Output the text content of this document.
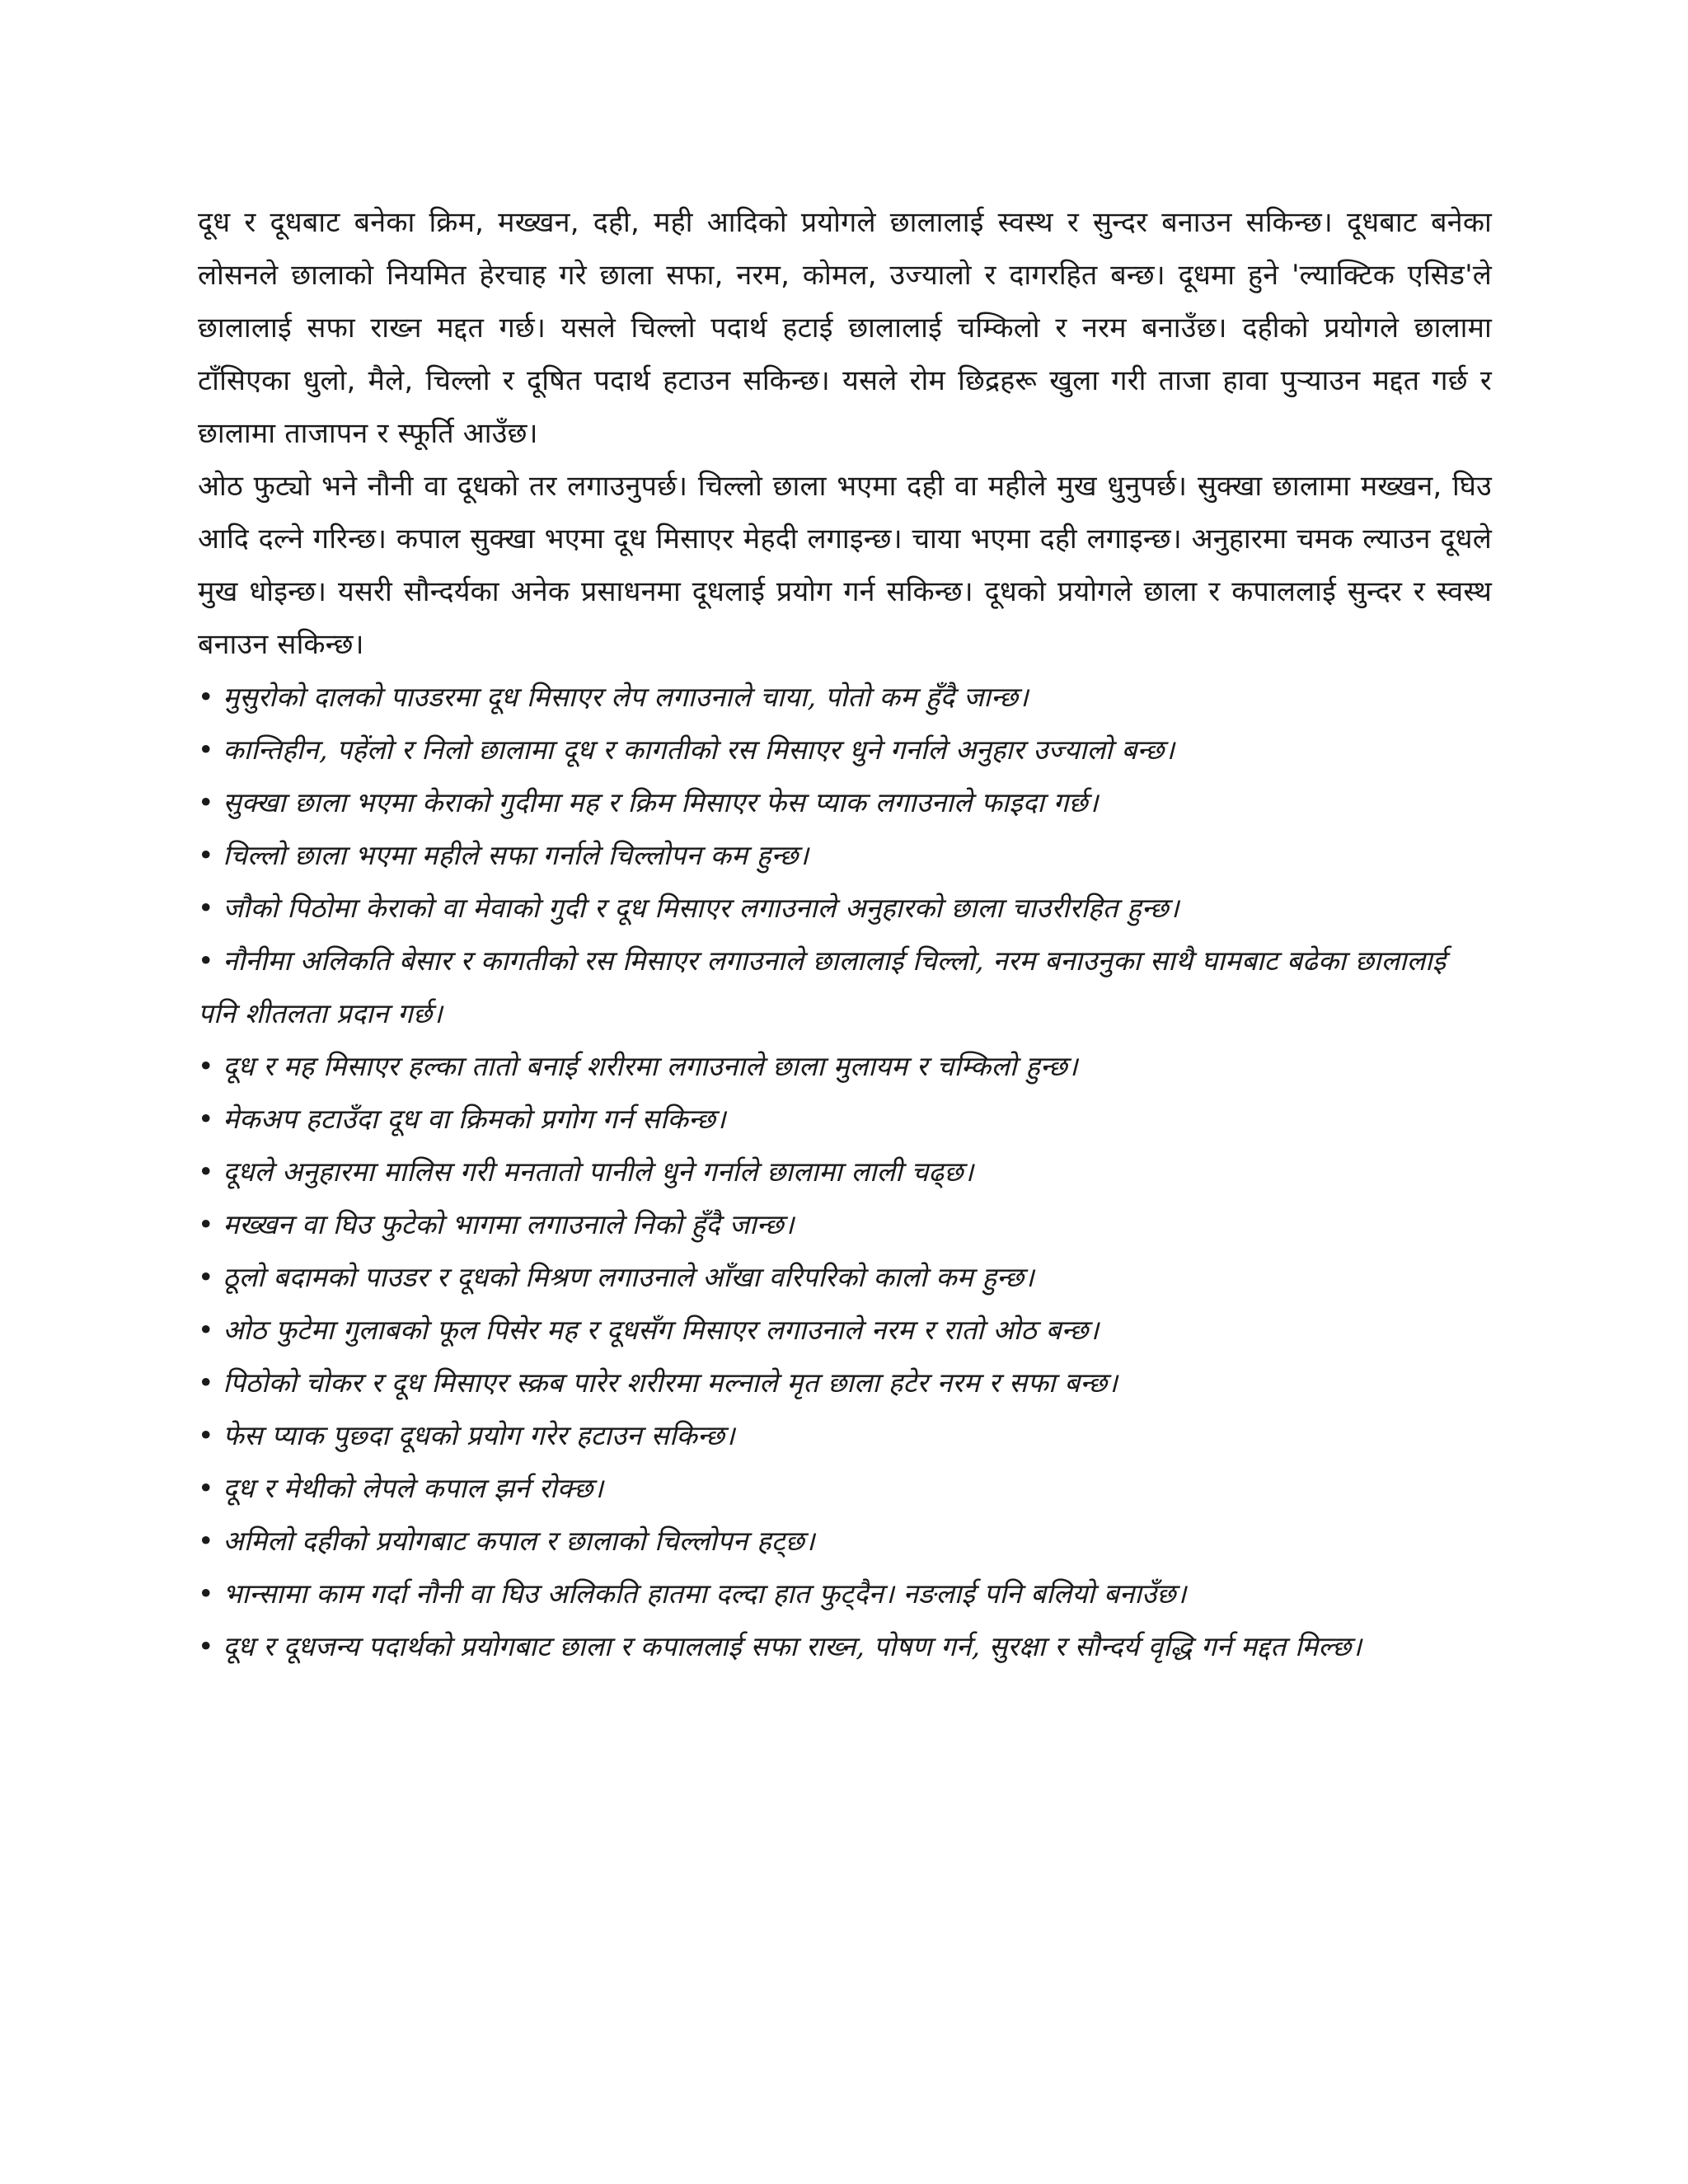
दूध र दूधबाट बनेका क्रिम, मख्खन, दही, मही आदिको प्रयोगले छालालाई स्वस्थ र सुन्दर बनाउन सकिन्छ। दूधबाट बनेका लोसनले छालाको नियमित हेरचाह गरे छाला सफा, नरम, कोमल, उज्यालो र दागरहित बन्छ। दूधमा हुने 'ल्याक्टिक एसिड'ले छालालाई सफा राख्न मद्दत गर्छ। यसले चिल्लो पदार्थ हटाई छालालाई चम्किलो र नरम बनाउँछ। दहीको प्रयोगले छालामा टाँसिएका धुलो, मैले, चिल्लो र दूषित पदार्थ हटाउन सकिन्छ। यसले रोम छिद्रहरू खुला गरी ताजा हावा पुऱ्याउन मद्दत गर्छ र छालामा ताजापन र स्फूर्ति आउँछ।

ओठ फुट्यो भने नौनी वा दूधको तर लगाउनुपर्छ। चिल्लो छाला भएमा दही वा महीले मुख धुनुपर्छ। सुक्खा छालामा मख्खन, घिउ आदि दल्ने गरिन्छ। कपाल सुक्खा भएमा दूध मिसाएर मेहदी लगाइन्छ। चाया भएमा दही लगाइन्छ। अनुहारमा चमक ल्याउन दूधले मुख धोइन्छ। यसरी सौन्दर्यका अनेक प्रसाधनमा दूधलाई प्रयोग गर्न सकिन्छ। दूधको प्रयोगले छाला र कपाललाई सुन्दर र स्वस्थ बनाउन सकिन्छ।

• मुसुरोको दालको पाउडरमा दूध मिसाएर लेप लगाउनाले चाया, पोतो कम हुँदै जान्छ।
• कान्तिहीन, पहेंलो र निलो छालामा दूध र कागतीको रस मिसाएर धुने गर्नाले अनुहार उज्यालो बन्छ।
• सुक्खा छाला भएमा केराको गुदीमा मह र क्रिम मिसाएर फेस प्याक लगाउनाले फाइदा गर्छ।
• चिल्लो छाला भएमा महीले सफा गर्नाले चिल्लोपन कम हुन्छ।
• जौको पिठोमा केराको वा मेवाको गुदी र दूध मिसाएर लगाउनाले अनुहारको छाला चाउरीरहित हुन्छ।
• नौनीमा अलिकति बेसार र कागतीको रस मिसाएर लगाउनाले छालालाई चिल्लो, नरम बनाउनुका साथै घामबाट बढेका छालालाई पनि शीतलता प्रदान गर्छ।
• दूध र मह मिसाएर हल्का तातो बनाई शरीरमा लगाउनाले छाला मुलायम र चम्किलो हुन्छ।
• मेकअप हटाउँदा दूध वा क्रिमको प्रगोग गर्न सकिन्छ।
• दूधले अनुहारमा मालिस गरी मनतातो पानीले धुने गर्नाले छालामा लाली चढ्छ।
• मख्खन वा घिउ फुटेको भागमा लगाउनाले निको हुँदै जान्छ।
• ठूलो बदामको पाउडर र दूधको मिश्रण लगाउनाले आँखा वरिपरिको कालो कम हुन्छ।
• ओठ फुटेमा गुलाबको फूल पिसेर मह र दूधसँग मिसाएर लगाउनाले नरम र रातो ओठ बन्छ।
• पिठोको चोकर र दूध मिसाएर स्क्रब पारेर शरीरमा मल्नाले मृत छाला हटेर नरम र सफा बन्छ।
• फेस प्याक पुछ्दा दूधको प्रयोग गरेर हटाउन सकिन्छ।
• दूध र मेथीको लेपले कपाल झर्न रोक्छ।
• अमिलो दहीको प्रयोगबाट कपाल र छालाको चिल्लोपन हट्छ।
• भान्सामा काम गर्दा नौनी वा घिउ अलिकति हातमा दल्दा हात फुट्दैन। नङलाई पनि बलियो बनाउँछ।
• दूध र दूधजन्य पदार्थको प्रयोगबाट छाला र कपाललाई सफा राख्न, पोषण गर्न, सुरक्षा र सौन्दर्य वृद्धि गर्न मद्दत मिल्छ।
